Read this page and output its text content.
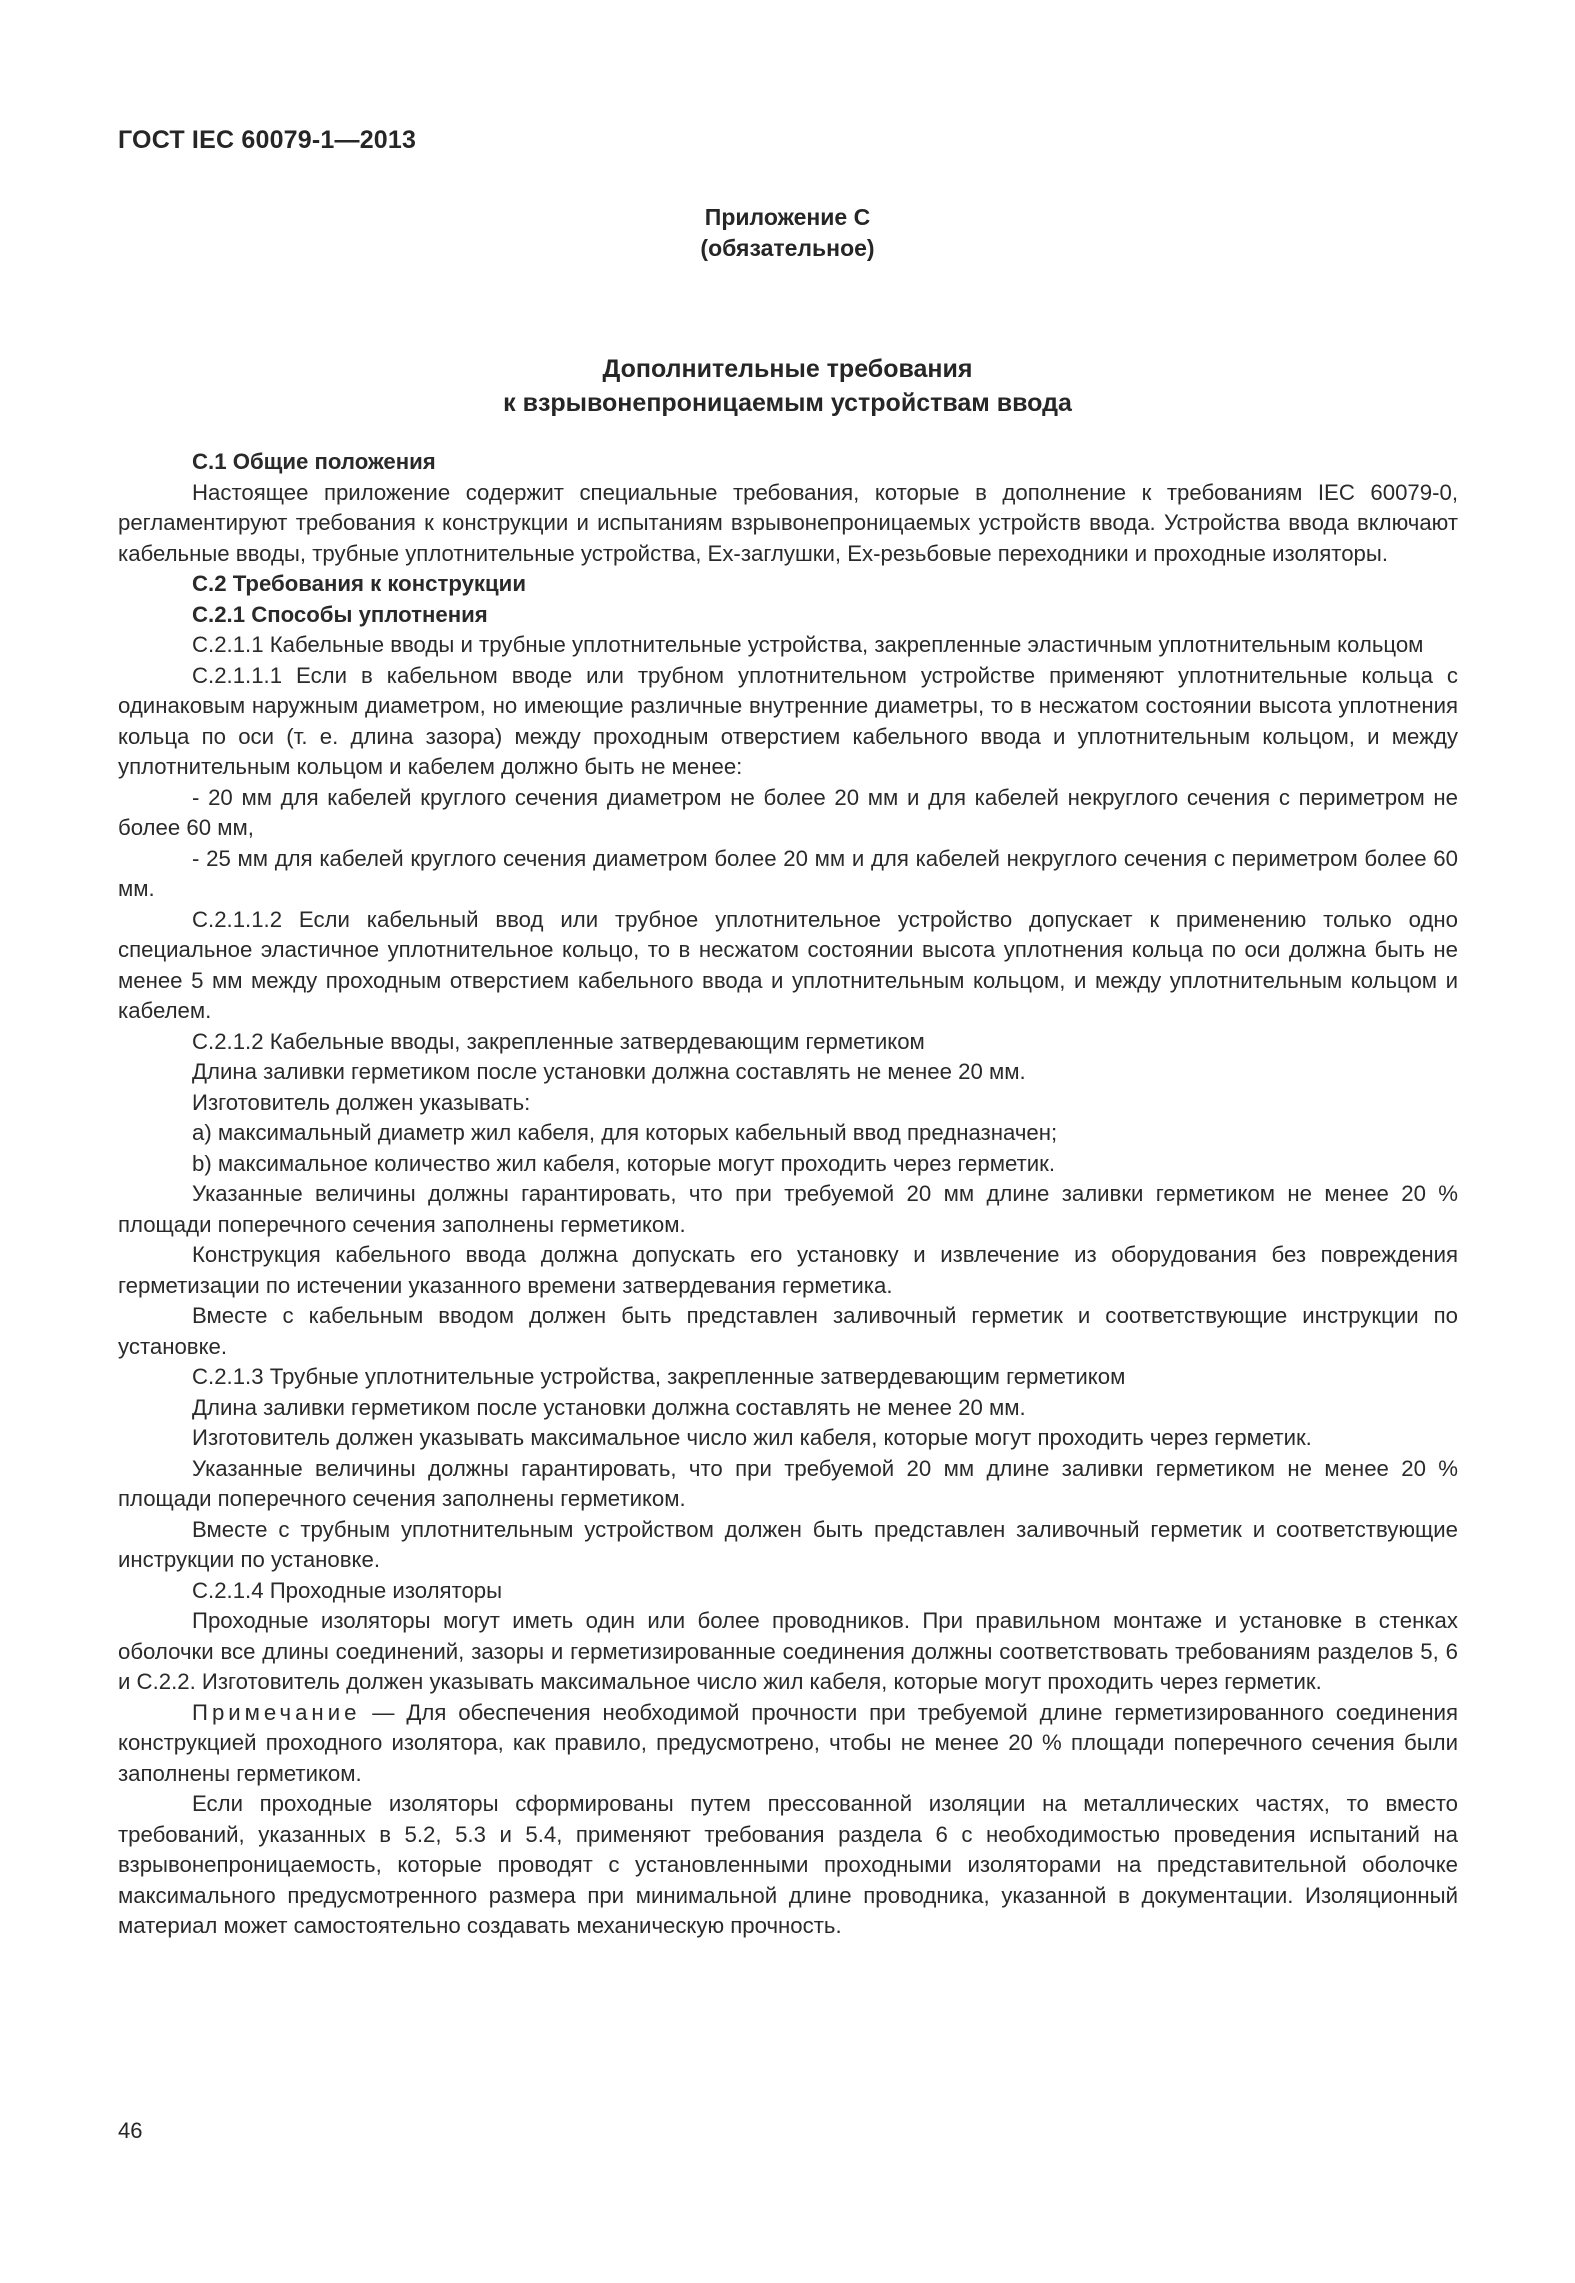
ГОСТ IEC 60079-1—2013
Приложение С
(обязательное)
Дополнительные требования
к взрывонепроницаемым устройствам ввода

С.1 Общие положения

Настоящее приложение содержит специальные требования, которые в дополнение к требованиям IEC 60079-0, регламентируют требования к конструкции и испытаниям взрывонепроницаемых устройств ввода. Устройства ввода включают кабельные вводы, трубные уплотнительные устройства, Ex-заглушки, Ex-резьбовые переходники и проходные изоляторы.

С.2 Требования к конструкции

С.2.1 Способы уплотнения

С.2.1.1 Кабельные вводы и трубные уплотнительные устройства, закрепленные эластичным уплотнительным кольцом

С.2.1.1.1 Если в кабельном вводе или трубном уплотнительном устройстве применяют уплотнительные кольца с одинаковым наружным диаметром, но имеющие различные внутренние диаметры, то в несжатом состоянии высота уплотнения кольца по оси (т. е. длина зазора) между проходным отверстием кабельного ввода и уплотнительным кольцом, и между уплотнительным кольцом и кабелем должно быть не менее:

- 20 мм для кабелей круглого сечения диаметром не более 20 мм и для кабелей некруглого сечения с периметром не более 60 мм,

- 25 мм для кабелей круглого сечения диаметром более 20 мм и для кабелей некруглого сечения с периметром более 60 мм.

С.2.1.1.2 Если кабельный ввод или трубное уплотнительное устройство допускает к применению только одно специальное эластичное уплотнительное кольцо, то в несжатом состоянии высота уплотнения кольца по оси должна быть не менее 5 мм между проходным отверстием кабельного ввода и уплотнительным кольцом, и между уплотнительным кольцом и кабелем.

С.2.1.2 Кабельные вводы, закрепленные затвердевающим герметиком

Длина заливки герметиком после установки должна составлять не менее 20 мм.

Изготовитель должен указывать:

a) максимальный диаметр жил кабеля, для которых кабельный ввод предназначен;

b) максимальное количество жил кабеля, которые могут проходить через герметик.

Указанные величины должны гарантировать, что при требуемой 20 мм длине заливки герметиком не менее 20 % площади поперечного сечения заполнены герметиком.

Конструкция кабельного ввода должна допускать его установку и извлечение из оборудования без повреждения герметизации по истечении указанного времени затвердевания герметика.

Вместе с кабельным вводом должен быть представлен заливочный герметик и соответствующие инструкции по установке.

С.2.1.3 Трубные уплотнительные устройства, закрепленные затвердевающим герметиком

Длина заливки герметиком после установки должна составлять не менее 20 мм.

Изготовитель должен указывать максимальное число жил кабеля, которые могут проходить через герметик.

Указанные величины должны гарантировать, что при требуемой 20 мм длине заливки герметиком не менее 20 % площади поперечного сечения заполнены герметиком.

Вместе с трубным уплотнительным устройством должен быть представлен заливочный герметик и соответствующие инструкции по установке.

С.2.1.4 Проходные изоляторы

Проходные изоляторы могут иметь один или более проводников. При правильном монтаже и установке в стенках оболочки все длины соединений, зазоры и герметизированные соединения должны соответствовать требованиям разделов 5, 6 и С.2.2. Изготовитель должен указывать максимальное число жил кабеля, которые могут проходить через герметик.

Примечание — Для обеспечения необходимой прочности при требуемой длине герметизированного соединения конструкцией проходного изолятора, как правило, предусмотрено, чтобы не менее 20 % площади поперечного сечения были заполнены герметиком.

Если проходные изоляторы сформированы путем прессованной изоляции на металлических частях, то вместо требований, указанных в 5.2, 5.3 и 5.4, применяют требования раздела 6 с необходимостью проведения испытаний на взрывонепроницаемость, которые проводят с установленными проходными изоляторами на представительной оболочке максимального предусмотренного размера при минимальной длине проводника, указанной в документации. Изоляционный материал может самостоятельно создавать механическую прочность.

46
